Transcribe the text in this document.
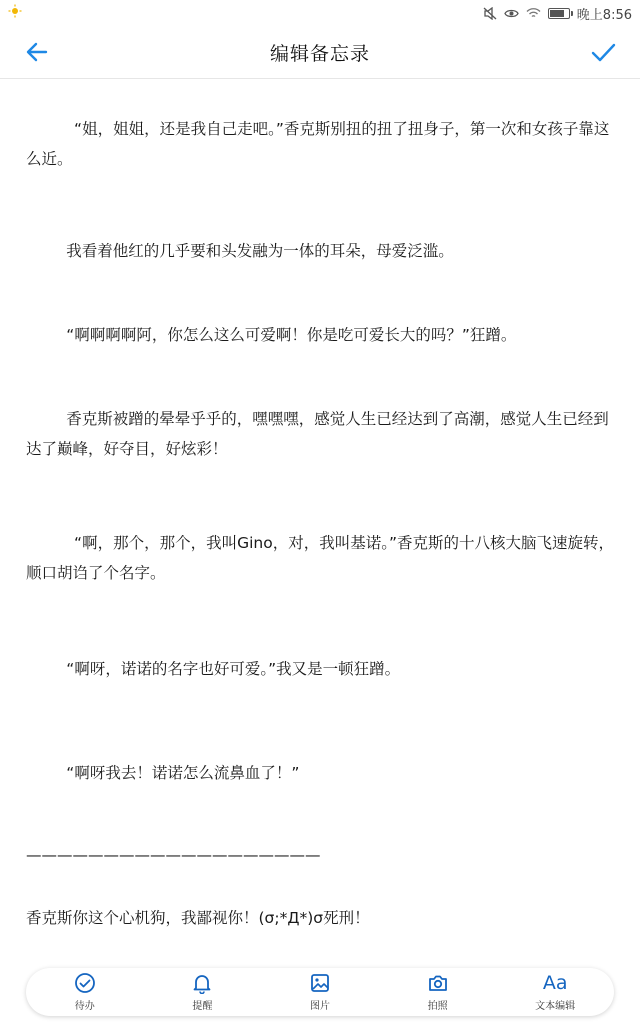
晚上8:56
编辑备忘录
“姐，姐姐，还是我自己走吧。”香克斯别扭的扭了扭身子，第一次和女孩子靠这么近。
我看着他红的几乎要和头发融为一体的耳朵，母爱泛滥。
“啊啊啊啊阿，你怎么这么可爱啊！你是吃可爱长大的吗？”狂蹭。
香克斯被蹭的晕晕乎乎的，嘿嘿嘿，感觉人生已经达到了高潮，感觉人生已经到达了巅峰，好夺目，好炫彩！
“啊，那个，那个，我叫Gino，对，我叫基诺。”香克斯的十八核大脑飞速旋转，顺口胡诌了个名字。
“啊呀，诺诺的名字也好可爱。”我又是一顿狂蹭。
“啊呀我去！诺诺怎么流鼻血了！”
———————————————————
香克斯你这个心机狗，我鄙视你！(σ;*Д*)σ死刑！
待办	提醒	图片	拍照
Aa
文本编辑
